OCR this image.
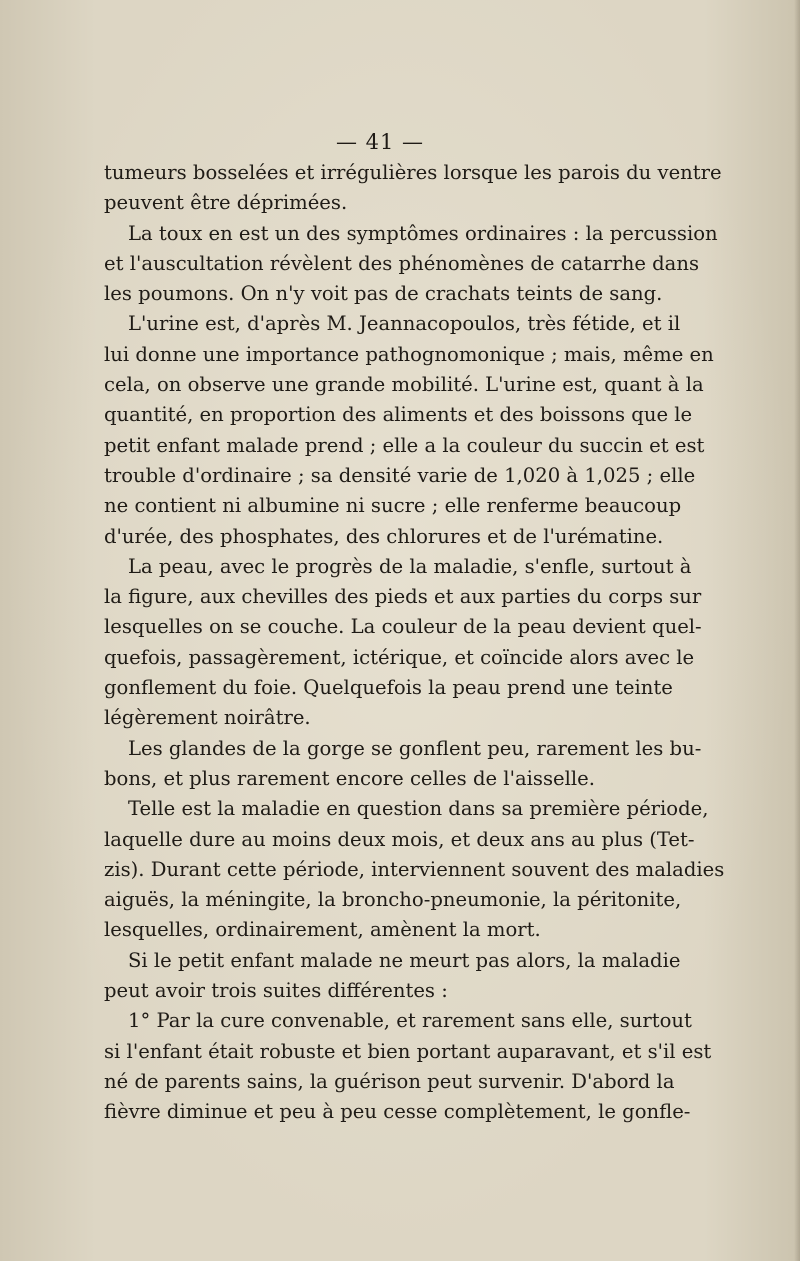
— 41 —
tumeurs bosselées et irrégulières lorsque les parois du ventre
peuvent être déprimées.
La toux en est un des symptômes ordinaires : la percussion
et l'auscultation révèlent des phénomènes de catarrhe dans
les poumons. On n'y voit pas de crachats teints de sang.
L'urine est, d'après M. Jeannacopoulos, très fétide, et il
lui donne une importance pathognomonique ; mais, même en
cela, on observe une grande mobilité. L'urine est, quant à la
quantité, en proportion des aliments et des boissons que le
petit enfant malade prend ; elle a la couleur du succin et est
trouble d'ordinaire ; sa densité varie de 1,020 à 1,025 ; elle
ne contient ni albumine ni sucre ; elle renferme beaucoup
d'urée, des phosphates, des chlorures et de l'urématine.
La peau, avec le progrès de la maladie, s'enfle, surtout à
la figure, aux chevilles des pieds et aux parties du corps sur
lesquelles on se couche. La couleur de la peau devient quel-
quefois, passagèrement, ictérique, et coïncide alors avec le
gonflement du foie. Quelquefois la peau prend une teinte
légèrement noirâtre.
Les glandes de la gorge se gonflent peu, rarement les bu-
bons, et plus rarement encore celles de l'aisselle.
Telle est la maladie en question dans sa première période,
laquelle dure au moins deux mois, et deux ans au plus (Tet-
zis). Durant cette période, interviennent souvent des maladies
aiguës, la méningite, la broncho-pneumonie, la péritonite,
lesquelles, ordinairement, amènent la mort.
Si le petit enfant malade ne meurt pas alors, la maladie
peut avoir trois suites différentes :
1° Par la cure convenable, et rarement sans elle, surtout
si l'enfant était robuste et bien portant auparavant, et s'il est
né de parents sains, la guérison peut survenir. D'abord la
fièvre diminue et peu à peu cesse complètement, le gonfle-
